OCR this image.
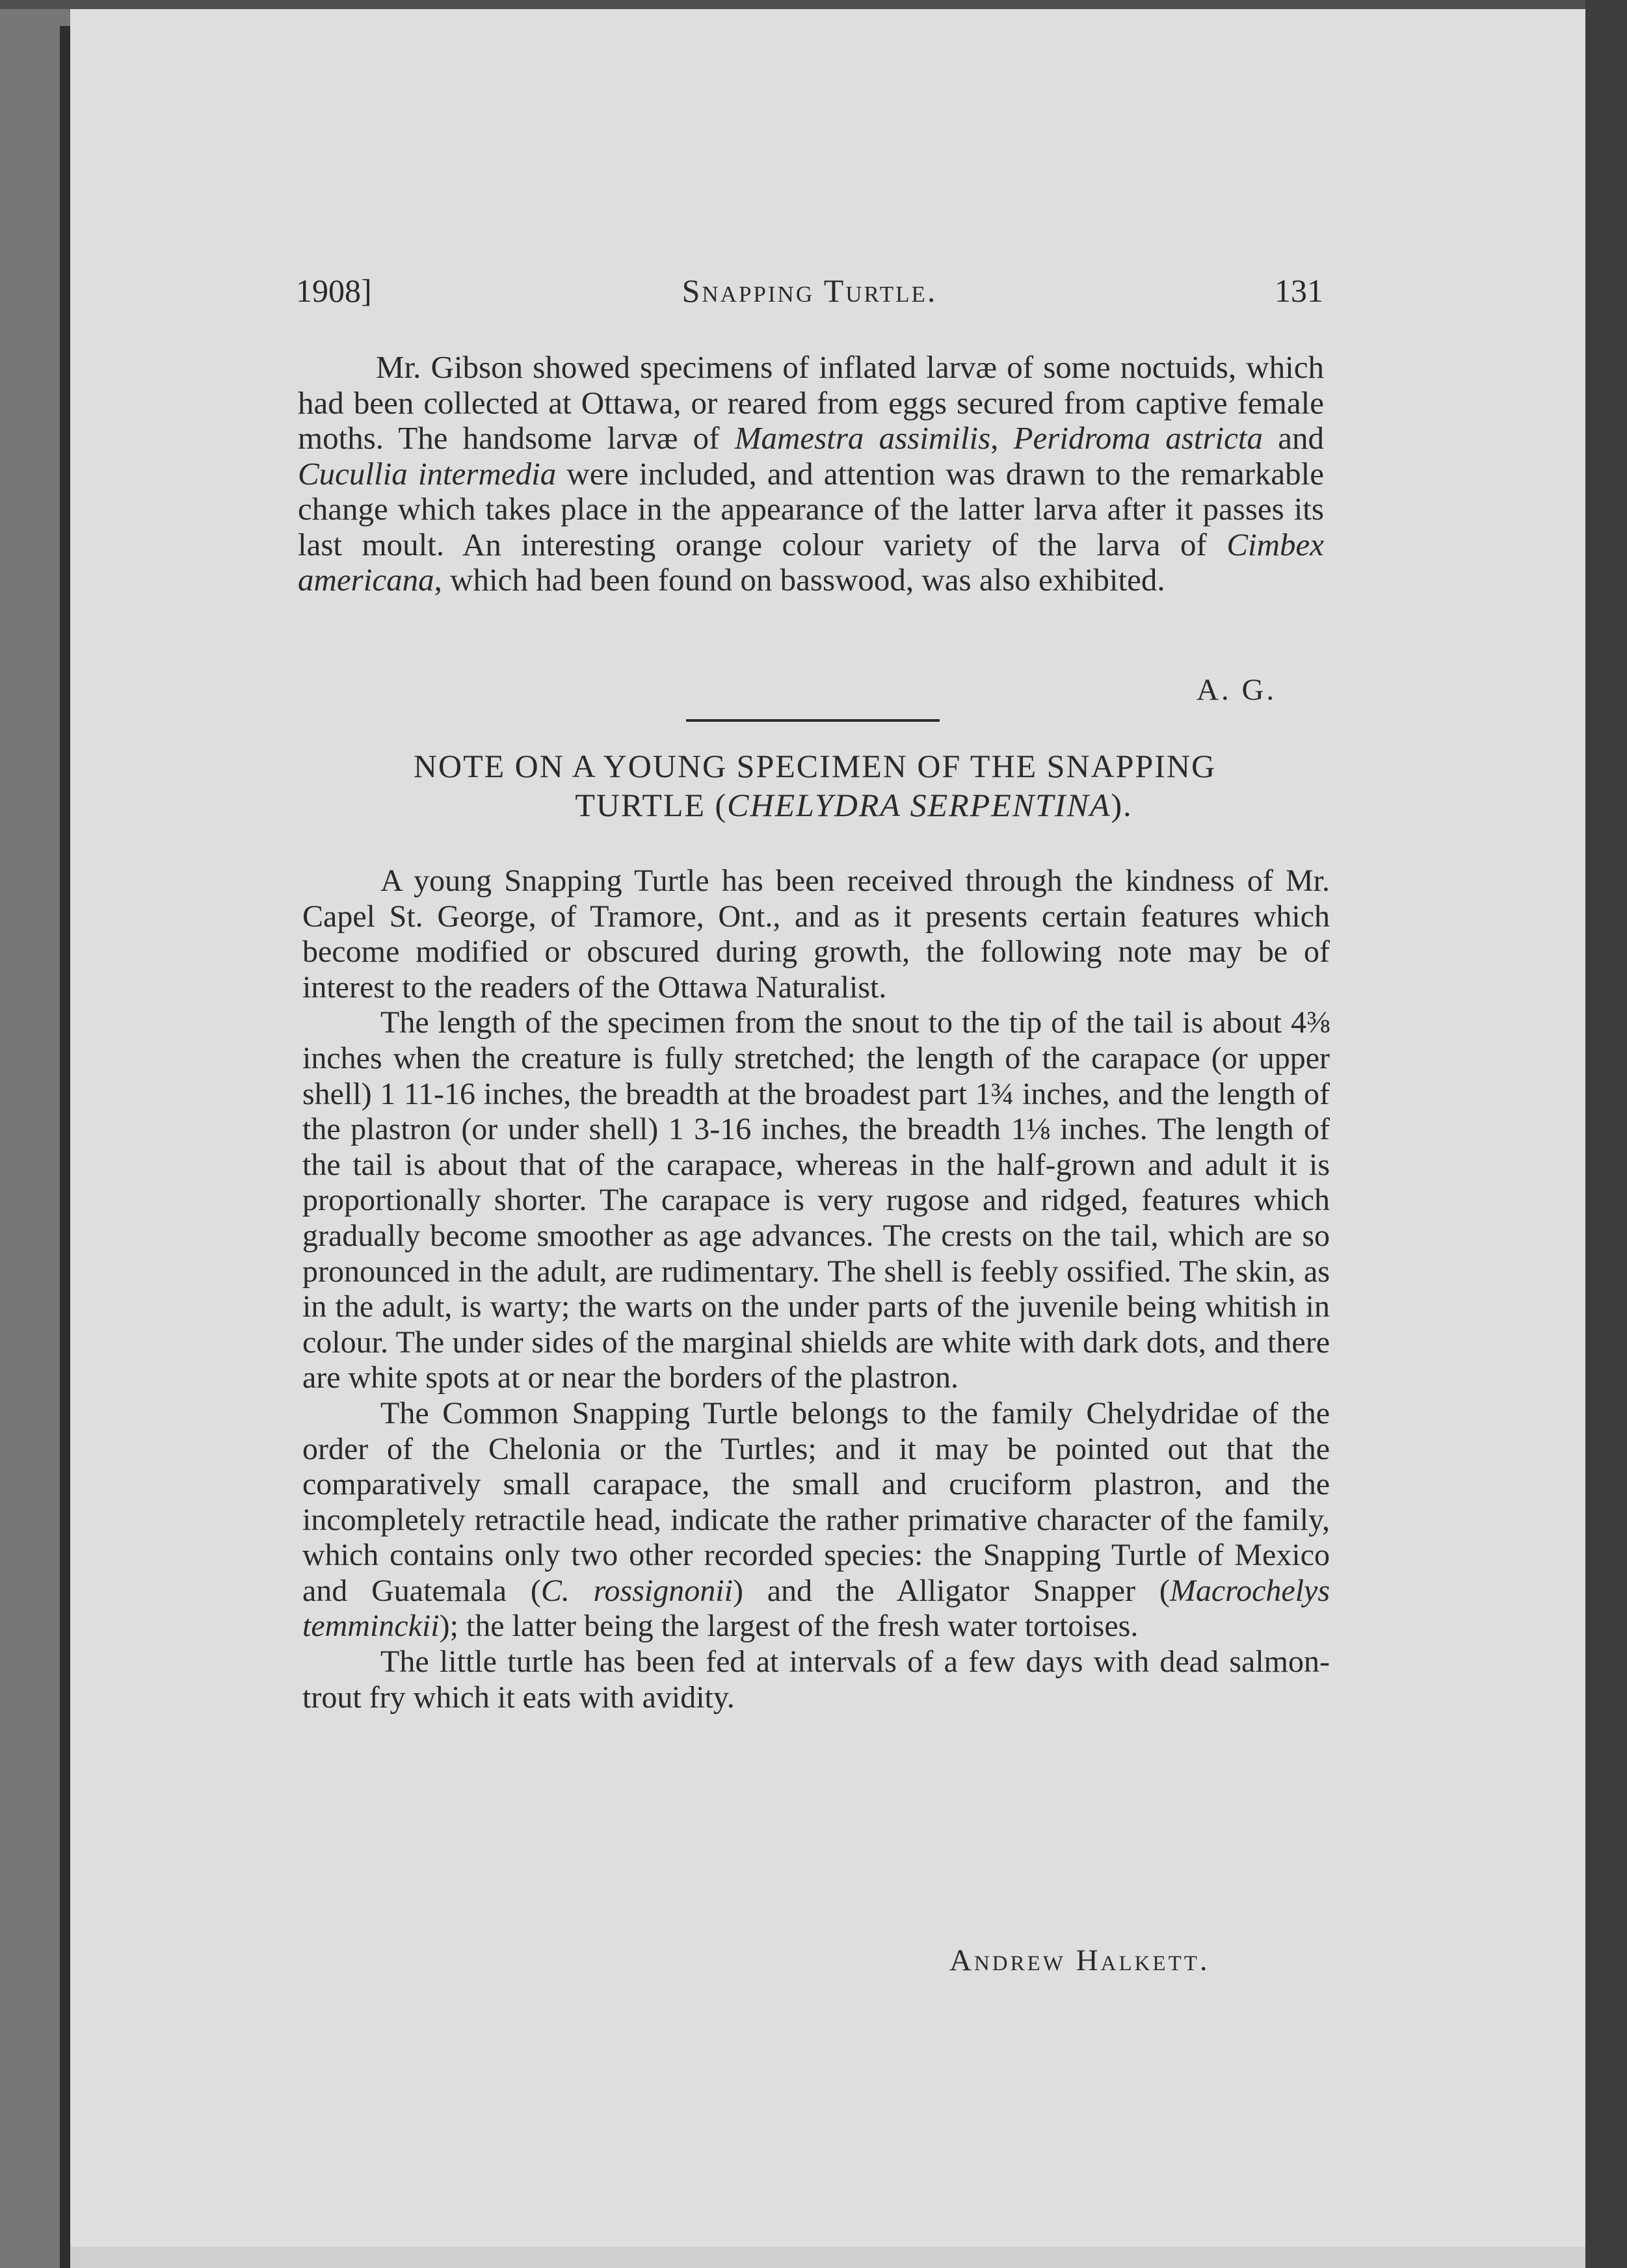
1908]	Snapping Turtle.	131

Mr. Gibson showed specimens of inflated larvæ of some noctuids, which had been collected at Ottawa, or reared from eggs secured from captive female moths. The handsome larvæ of Mamestra assimilis, Peridroma astricta and Cucullia intermedia were included, and attention was drawn to the remarkable change which takes place in the appearance of the latter larva after it passes its last moult. An interesting orange colour variety of the larva of Cimbex americana, which had been found on basswood, was also exhibited.

A. G.
NOTE ON A YOUNG SPECIMEN OF THE SNAPPING
TURTLE (CHELYDRA SERPENTINA).

A young Snapping Turtle has been received through the kindness of Mr. Capel St. George, of Tramore, Ont., and as it presents certain features which become modified or obscured during growth, the following note may be of interest to the readers of the Ottawa Naturalist.

The length of the specimen from the snout to the tip of the tail is about 4⅜ inches when the creature is fully stretched; the length of the carapace (or upper shell) 1 11-16 inches, the breadth at the broadest part 1¾ inches, and the length of the plastron (or under shell) 1 3-16 inches, the breadth 1⅛ inches. The length of the tail is about that of the carapace, whereas in the half-grown and adult it is proportionally shorter. The carapace is very rugose and ridged, features which gradually become smoother as age advances. The crests on the tail, which are so pronounced in the adult, are rudimentary. The shell is feebly ossified. The skin, as in the adult, is warty; the warts on the under parts of the juvenile being whitish in colour. The under sides of the marginal shields are white with dark dots, and there are white spots at or near the borders of the plastron.

The Common Snapping Turtle belongs to the family Chelydridae of the order of the Chelonia or the Turtles; and it may be pointed out that the comparatively small carapace, the small and cruciform plastron, and the incompletely retractile head, indicate the rather primative character of the family, which contains only two other recorded species: the Snapping Turtle of Mexico and Guatemala (C. rossignonii) and the Alligator Snapper (Macrochelys temminckii); the latter being the largest of the fresh water tortoises.

The little turtle has been fed at intervals of a few days with dead salmon-trout fry which it eats with avidity.

Andrew Halkett.
